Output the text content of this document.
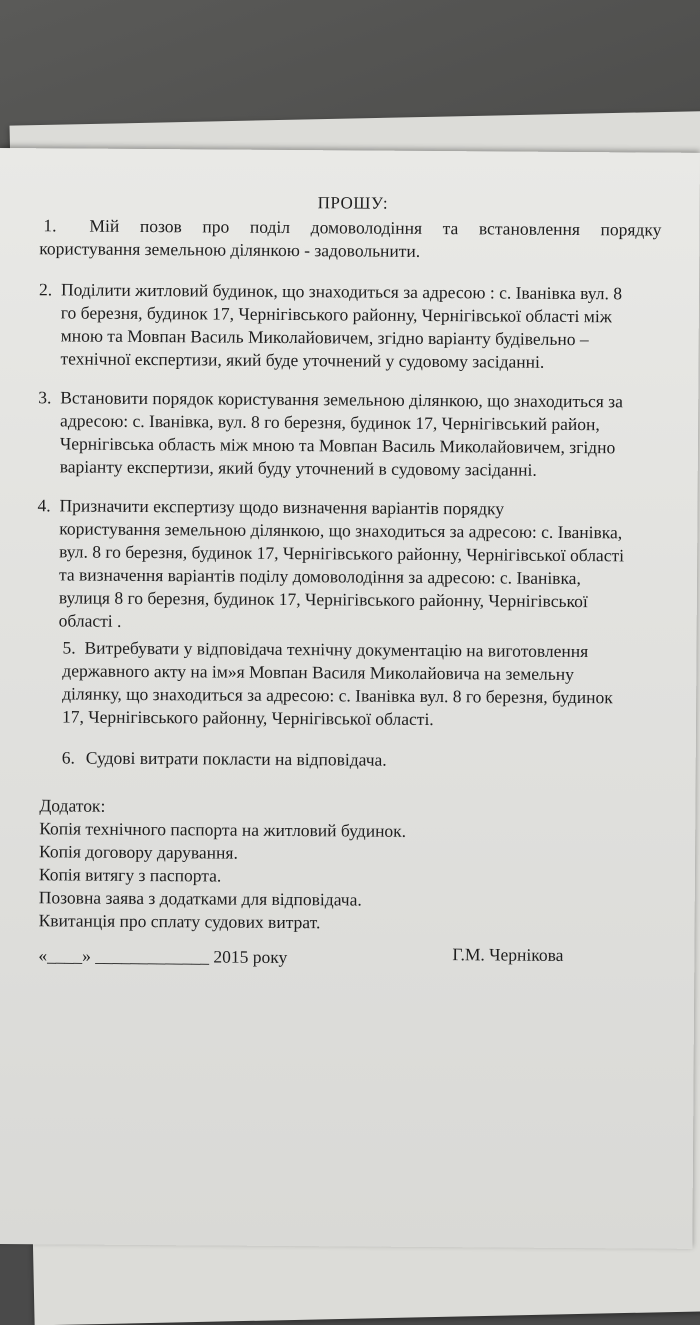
ПРОШУ:
1. Мій позов про поділ домоволодіння та встановлення порядку
користування земельною ділянкою - задовольнити.
2. Поділити житловий будинок, що знаходиться за адресою : с. Іванівка вул. 8
го березня, будинок 17, Чернігівського районну, Чернігівської області між
мною та Мовпан Василь Миколайовичем, згідно варіанту будівельно –
технічної експертизи, який буде уточнений у судовому засіданні.
3. Встановити порядок користування земельною ділянкою, що знаходиться за
адресою: с. Іванівка, вул. 8 го березня, будинок 17, Чернігівський район,
Чернігівська область між мною та Мовпан Василь Миколайовичем, згідно
варіанту експертизи, який буду уточнений в судовому засіданні.
4. Призначити експертизу щодо визначення варіантів порядку
користування земельною ділянкою, що знаходиться за адресою: с. Іванівка,
вул. 8 го березня, будинок 17, Чернігівського районну, Чернігівської області
та визначення варіантів поділу домоволодіння за адресою: с. Іванівка,
вулиця 8 го березня, будинок 17, Чернігівського районну, Чернігівської
області .
5. Витребувати у відповідача технічну документацію на виготовлення
державного акту на ім»я Мовпан Василя Миколайовича на земельну
ділянку, що знаходиться за адресою: с. Іванівка вул. 8 го березня, будинок
17, Чернігівського районну, Чернігівської області.
6. Судові витрати покласти на відповідача.
Додаток:
Копія технічного паспорта на житловий будинок.
Копія договору дарування.
Копія витягу з паспорта.
Позовна заява з додатками для відповідача.
Квитанція про сплату судових витрат.
«____» _____________ 2015 року	Г.М. Чернікова
